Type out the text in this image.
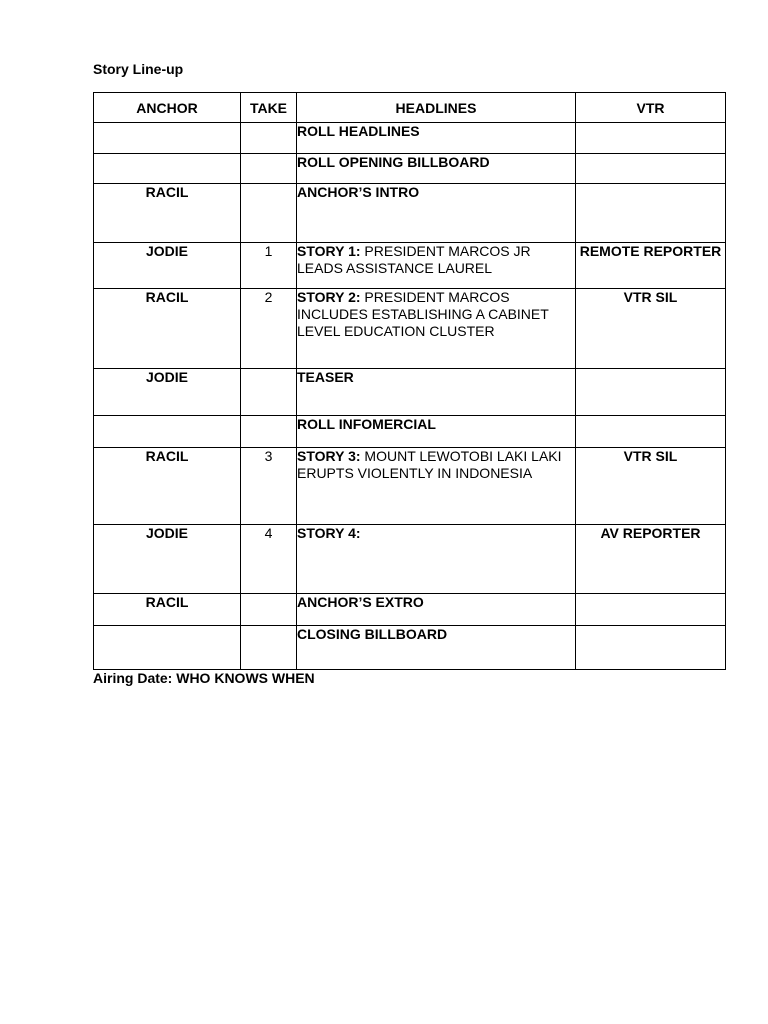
Story Line-up
ANCHOR	TAKE	HEADLINES	VTR
		ROLL HEADLINES	
		ROLL OPENING BILLBOARD	
RACIL		ANCHOR’S INTRO	
JODIE	1	STORY 1: PRESIDENT MARCOS JR LEADS ASSISTANCE LAUREL	REMOTE REPORTER
RACIL	2	STORY 2: PRESIDENT MARCOS INCLUDES ESTABLISHING A CABINET LEVEL EDUCATION CLUSTER	VTR SIL
JODIE		TEASER	
		ROLL INFOMERCIAL	
RACIL	3	STORY 3: MOUNT LEWOTOBI LAKI LAKI ERUPTS VIOLENTLY IN INDONESIA	VTR SIL
JODIE	4	STORY 4:	AV REPORTER
RACIL		ANCHOR’S EXTRO	
		CLOSING BILLBOARD	
Airing Date: WHO KNOWS WHEN
